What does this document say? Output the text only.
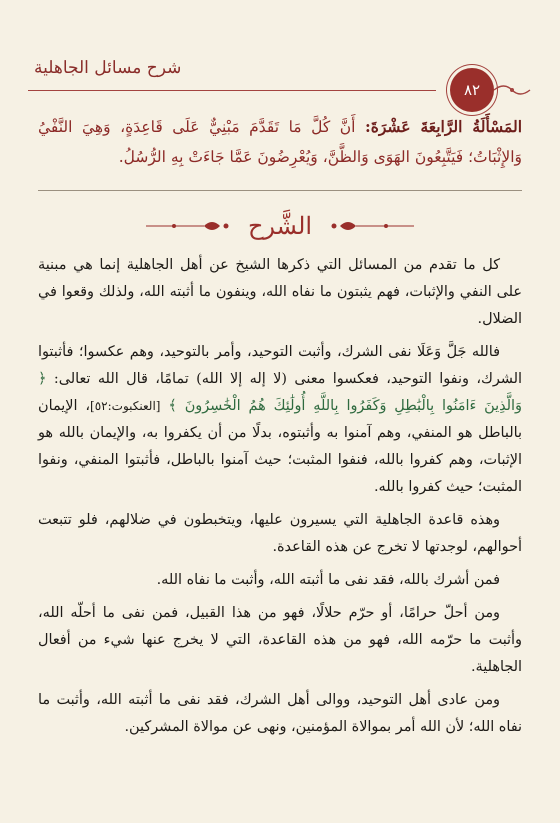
شرح مسائل الجاهلية
٨٢
المَسْأَلَةُ الرَّابِعَةَ عَشْرَةَ: أَنَّ كُلَّ مَا تَقَدَّمَ مَبْنِيٌّ عَلَى قَاعِدَةٍ، وَهِيَ النَّفْيُ وَالإِثْبَاتُ؛ فَيَتَّبِعُونَ الهَوَى وَالظَّنَّ، وَيُعْرِضُونَ عَمَّا جَاءَتْ بِهِ الرُّسُلُ.
الشَّرح

كل ما تقدم من المسائل التي ذكرها الشيخ عن أهل الجاهلية إنما هي مبنية على النفي والإثبات، فهم يثبتون ما نفاه الله، وينفون ما أثبته الله، ولذلك وقعوا في الضلال.

فالله جَلَّ وَعَلَا نفى الشرك، وأثبت التوحيد، وأمر بالتوحيد، وهم عكسوا؛ فأثبتوا الشرك، ونفوا التوحيد، فعكسوا معنى (لا إله إلا الله) تمامًا، قال الله تعالى: ﴿ وَالَّذِينَ ءَامَنُوا بِالْبَٰطِلِ وَكَفَرُوا بِاللَّهِ أُولَٰئِكَ هُمُ الْخَٰسِرُونَ ﴾ [العنكبوت:٥٢]، الإيمان بالباطل هو المنفي، وهم آمنوا به وأثبتوه، بدلًا من أن يكفروا به، والإيمان بالله هو الإثبات، وهم كفروا بالله، فنفوا المثبت؛ حيث آمنوا بالباطل، فأثبتوا المنفي، ونفوا المثبت؛ حيث كفروا بالله.

وهذه قاعدة الجاهلية التي يسيرون عليها، ويتخبطون في ضلالهم، فلو تتبعت أحوالهم، لوجدتها لا تخرج عن هذه القاعدة.

فمن أشرك بالله، فقد نفى ما أثبته الله، وأثبت ما نفاه الله.

ومن أحلّ حرامًا، أو حرّم حلالًا، فهو من هذا القبيل، فمن نفى ما أحلّه الله، وأثبت ما حرّمه الله، فهو من هذه القاعدة، التي لا يخرج عنها شيء من أفعال الجاهلية.

ومن عادى أهل التوحيد، ووالى أهل الشرك، فقد نفى ما أثبته الله، وأثبت ما نفاه الله؛ لأن الله أمر بموالاة المؤمنين، ونهى عن موالاة المشركين.
